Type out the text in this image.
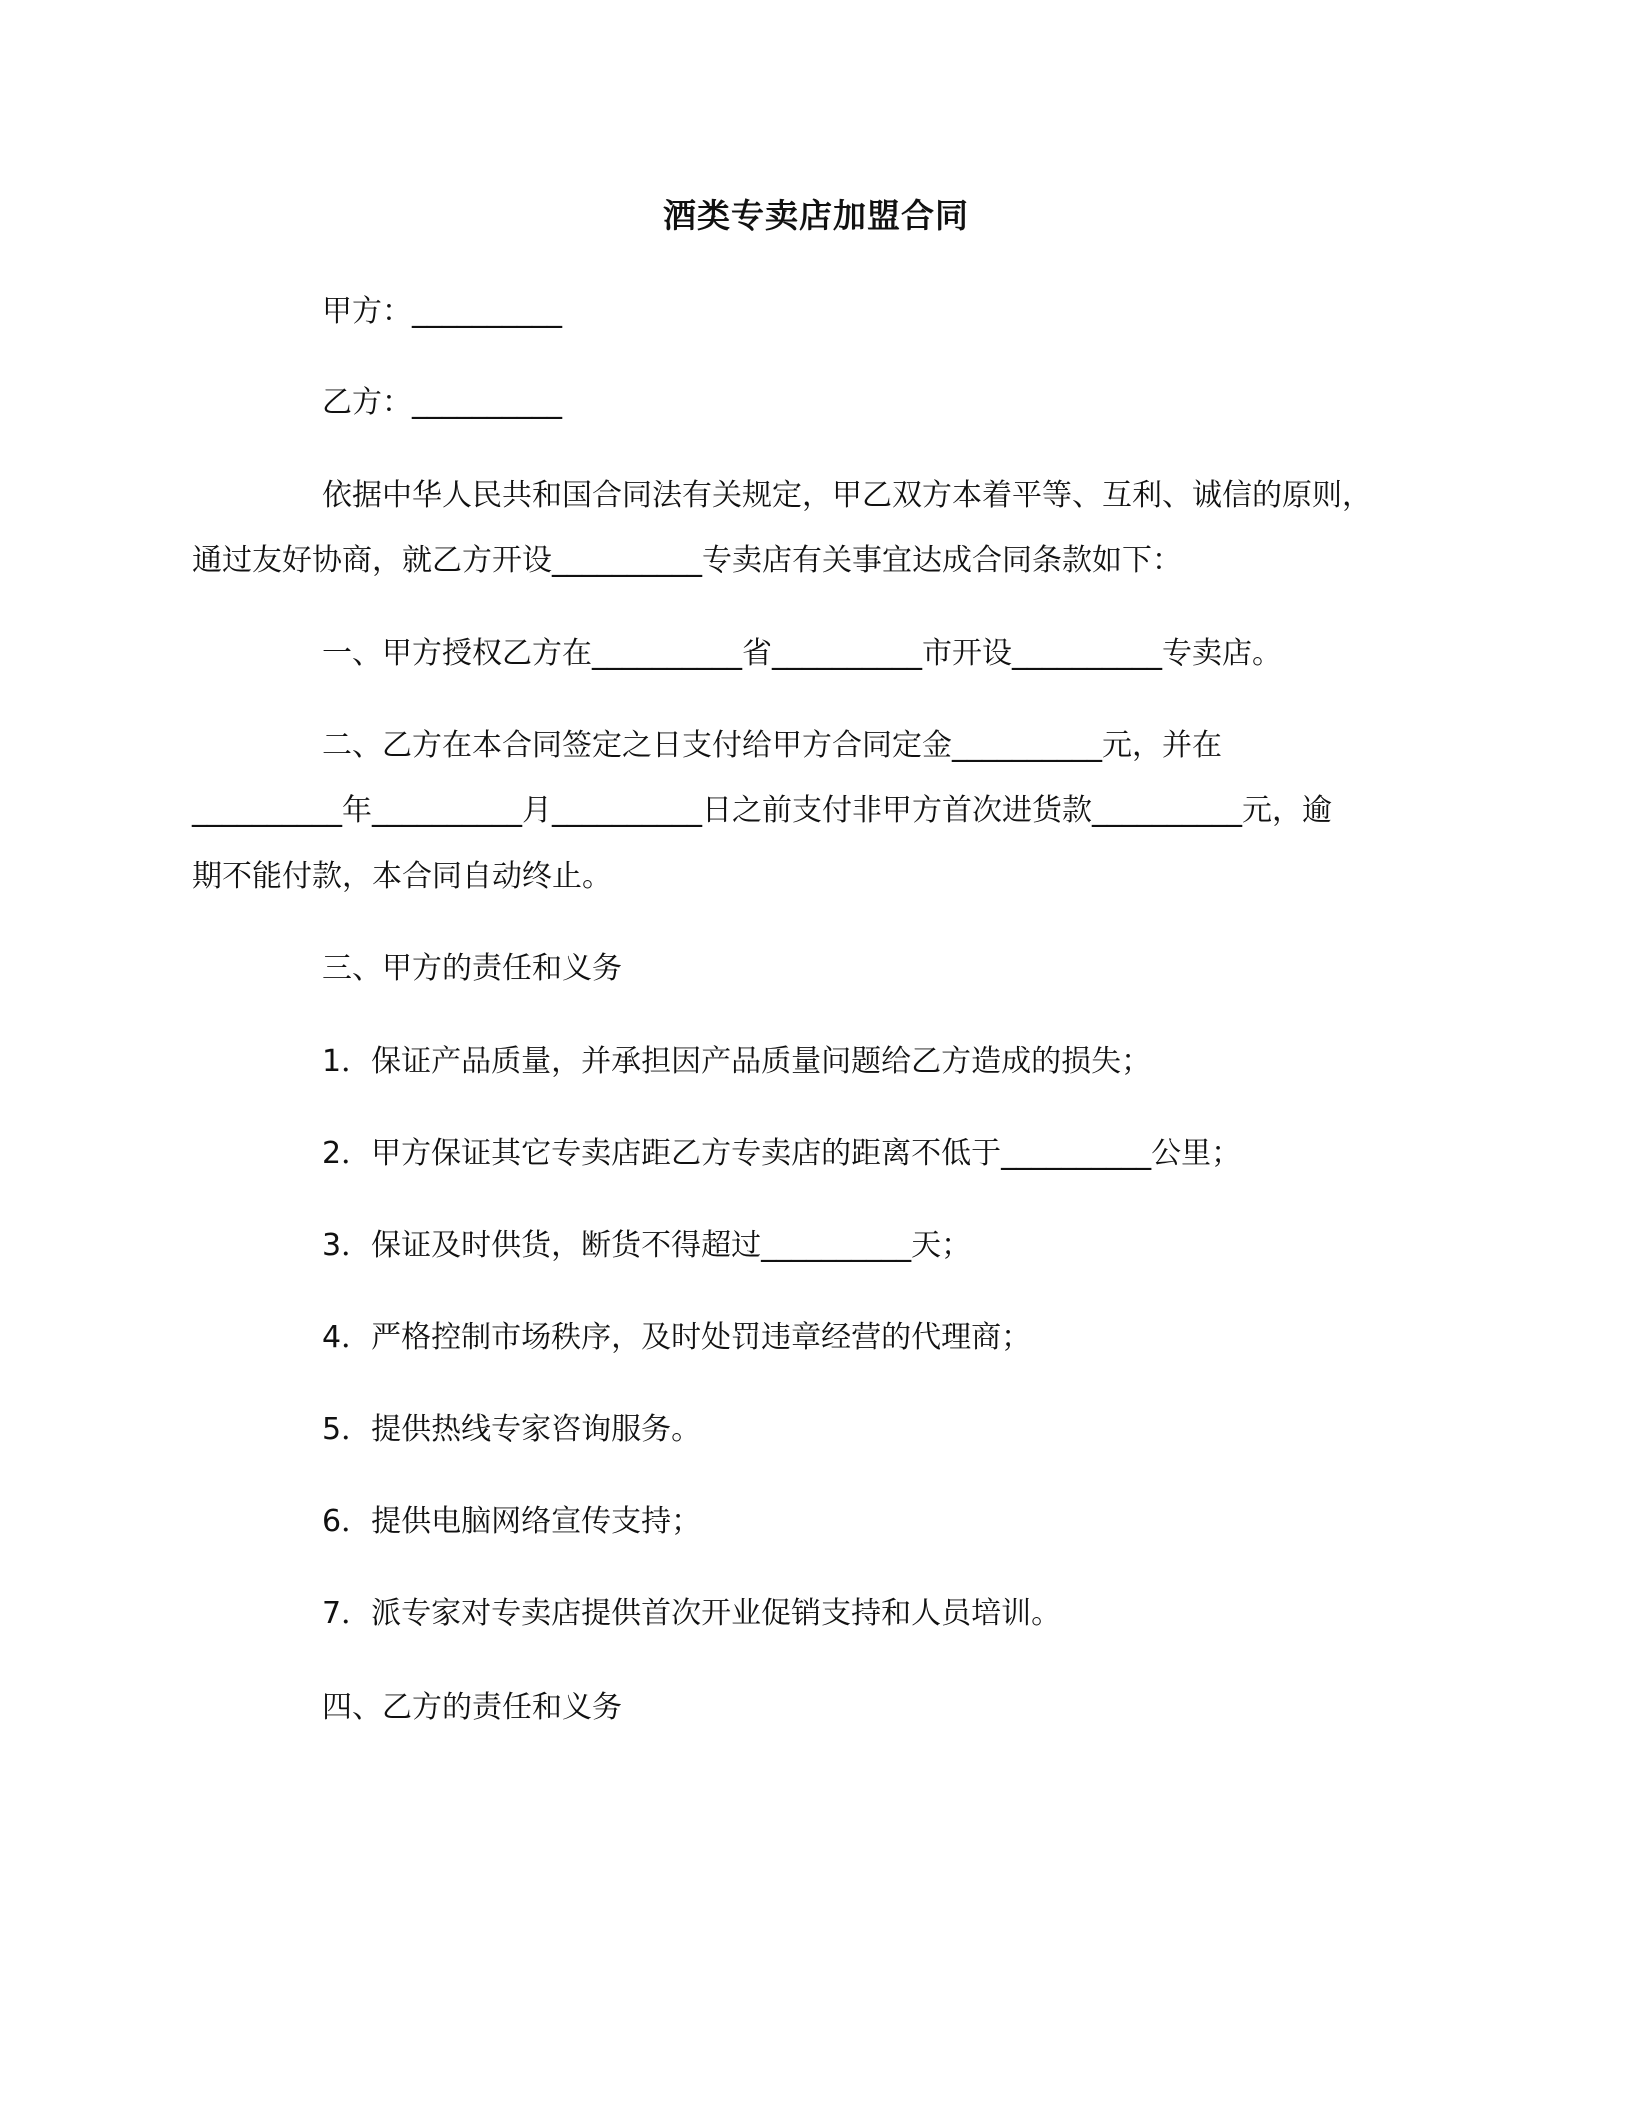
酒类专卖店加盟合同
甲方：__________
乙方：__________
依据中华人民共和国合同法有关规定，甲乙双方本着平等、互利、诚信的原则，
通过友好协商，就乙方开设__________专卖店有关事宜达成合同条款如下：
一、甲方授权乙方在__________省__________市开设__________专卖店。
二、乙方在本合同签定之日支付给甲方合同定金__________元，并在
__________年__________月__________日之前支付非甲方首次进货款__________元，逾
期不能付款，本合同自动终止。
三、甲方的责任和义务
1．保证产品质量，并承担因产品质量问题给乙方造成的损失；
2．甲方保证其它专卖店距乙方专卖店的距离不低于__________公里；
3．保证及时供货，断货不得超过__________天；
4．严格控制市场秩序，及时处罚违章经营的代理商；
5．提供热线专家咨询服务。
6．提供电脑网络宣传支持；
7．派专家对专卖店提供首次开业促销支持和人员培训。
四、乙方的责任和义务
